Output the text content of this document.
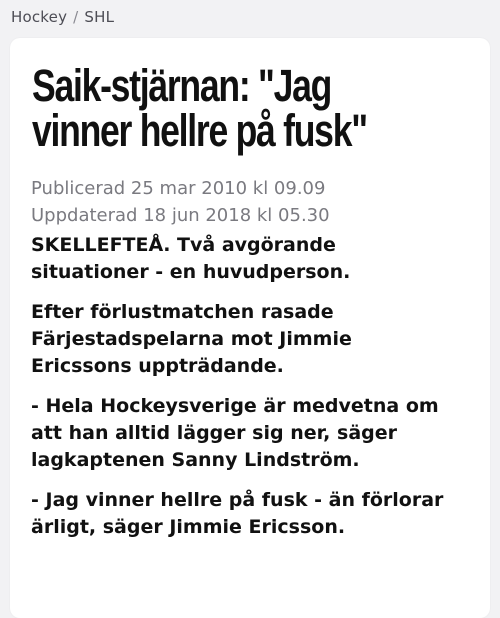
Hockey / SHL
Saik-stjärnan: "Jag
vinner hellre på fusk"
Publicerad 25 mar 2010 kl 09.09
Uppdaterad 18 jun 2018 kl 05.30

SKELLEFTEÅ. Två avgörande
situationer - en huvudperson.

Efter förlustmatchen rasade
Färjestadspelarna mot Jimmie
Ericssons uppträdande.

- Hela Hockeysverige är medvetna om
att han alltid lägger sig ner, säger
lagkaptenen Sanny Lindström.

- Jag vinner hellre på fusk - än förlorar
ärligt, säger Jimmie Ericsson.
